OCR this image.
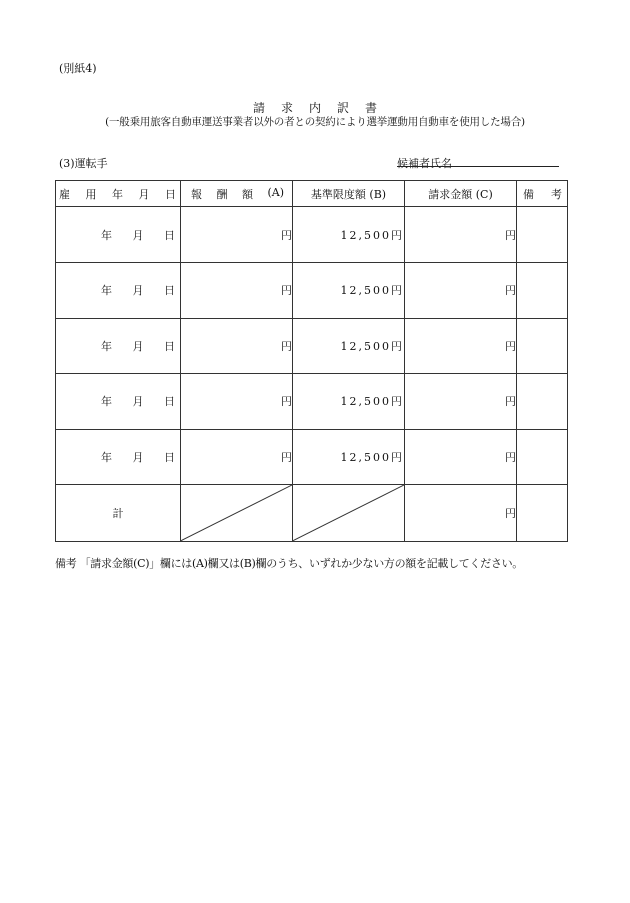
(別紙4)
請求内訳書
(一般乗用旅客自動車運送事業者以外の者との契約により選挙運動用自動車を使用した場合)
(3)運転手	候補者氏名
雇 用 年 月 日	報 酬 額 (A)	基準限度額 (B)	請求金額 (C)	備 考

年 月 日	円	12,500円	円	

年 月 日	円	12,500円	円	

年 月 日	円	12,500円	円	

年 月 日	円	12,500円	円	

年 月 日	円	12,500円	円	
計			円	
備考 「請求金額(C)」欄には(A)欄又は(B)欄のうち、いずれか少ない方の額を記載してください。
